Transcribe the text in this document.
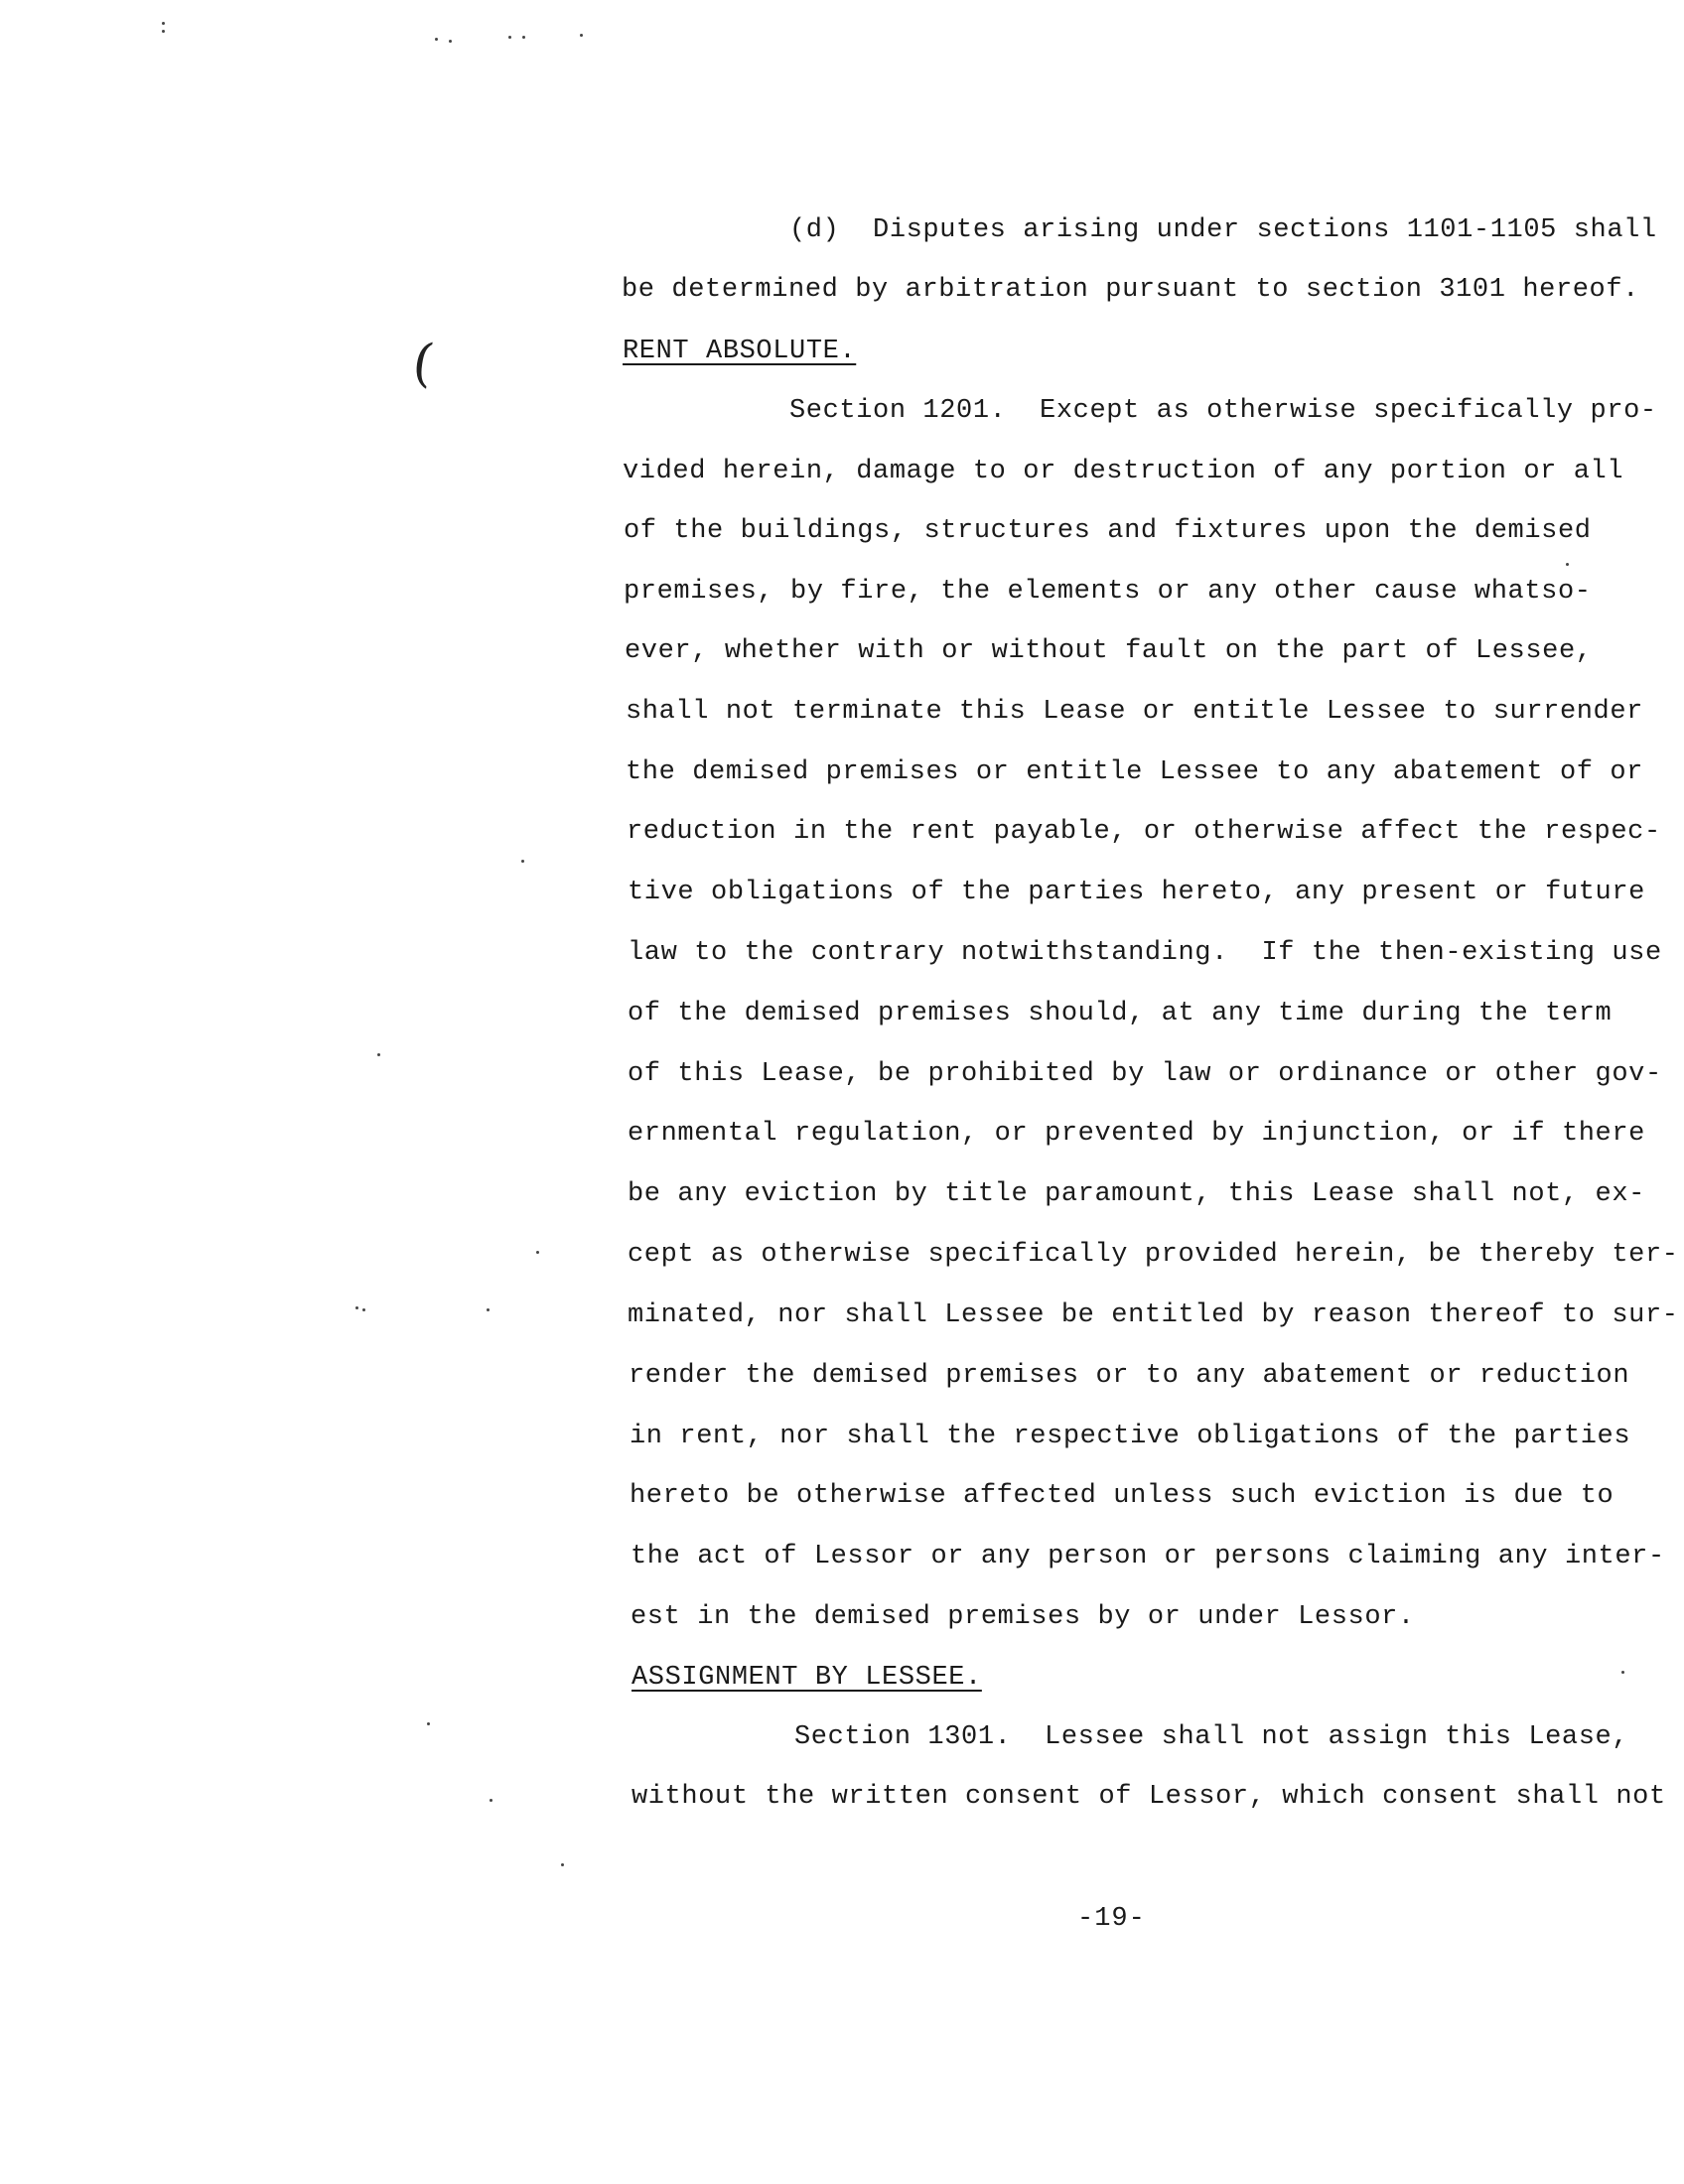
(
(d)  Disputes arising under sections 1101-1105 shall
be determined by arbitration pursuant to section 3101 hereof.
RENT ABSOLUTE.
Section 1201.  Except as otherwise specifically pro-
vided herein, damage to or destruction of any portion or all
of the buildings, structures and fixtures upon the demised
premises, by fire, the elements or any other cause whatso-
ever, whether with or without fault on the part of Lessee,
shall not terminate this Lease or entitle Lessee to surrender
the demised premises or entitle Lessee to any abatement of or
reduction in the rent payable, or otherwise affect the respec-
tive obligations of the parties hereto, any present or future
law to the contrary notwithstanding.  If the then-existing use
of the demised premises should, at any time during the term
of this Lease, be prohibited by law or ordinance or other gov-
ernmental regulation, or prevented by injunction, or if there
be any eviction by title paramount, this Lease shall not, ex-
cept as otherwise specifically provided herein, be thereby ter-
minated, nor shall Lessee be entitled by reason thereof to sur-
render the demised premises or to any abatement or reduction
in rent, nor shall the respective obligations of the parties
hereto be otherwise affected unless such eviction is due to
the act of Lessor or any person or persons claiming any inter-
est in the demised premises by or under Lessor.
ASSIGNMENT BY LESSEE.
Section 1301.  Lessee shall not assign this Lease,
without the written consent of Lessor, which consent shall not
-19-
